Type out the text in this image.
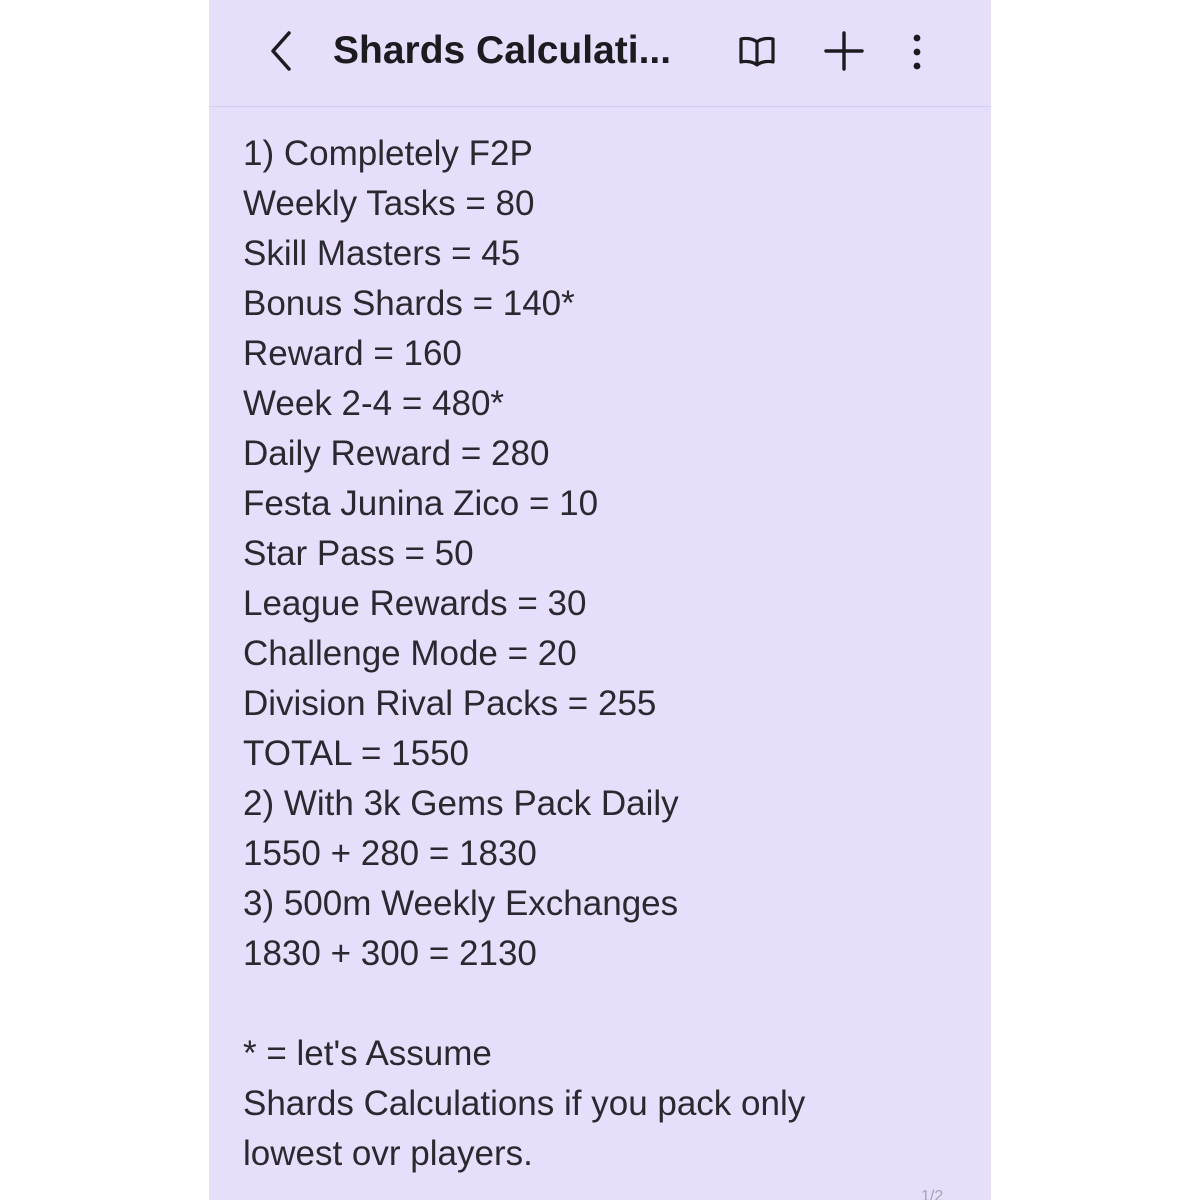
Shards Calculati...
1) Completely F2P
Weekly Tasks = 80
Skill Masters = 45
Bonus Shards = 140*
Reward = 160
Week 2-4 = 480*
Daily Reward = 280
Festa Junina Zico = 10
Star Pass = 50
League Rewards = 30
Challenge Mode = 20
Division Rival Packs = 255
TOTAL = 1550
2) With 3k Gems Pack Daily
1550 + 280 = 1830
3) 500m Weekly Exchanges
1830 + 300 = 2130
* = let's Assume
Shards Calculations if you pack only
lowest ovr players.
1/2
